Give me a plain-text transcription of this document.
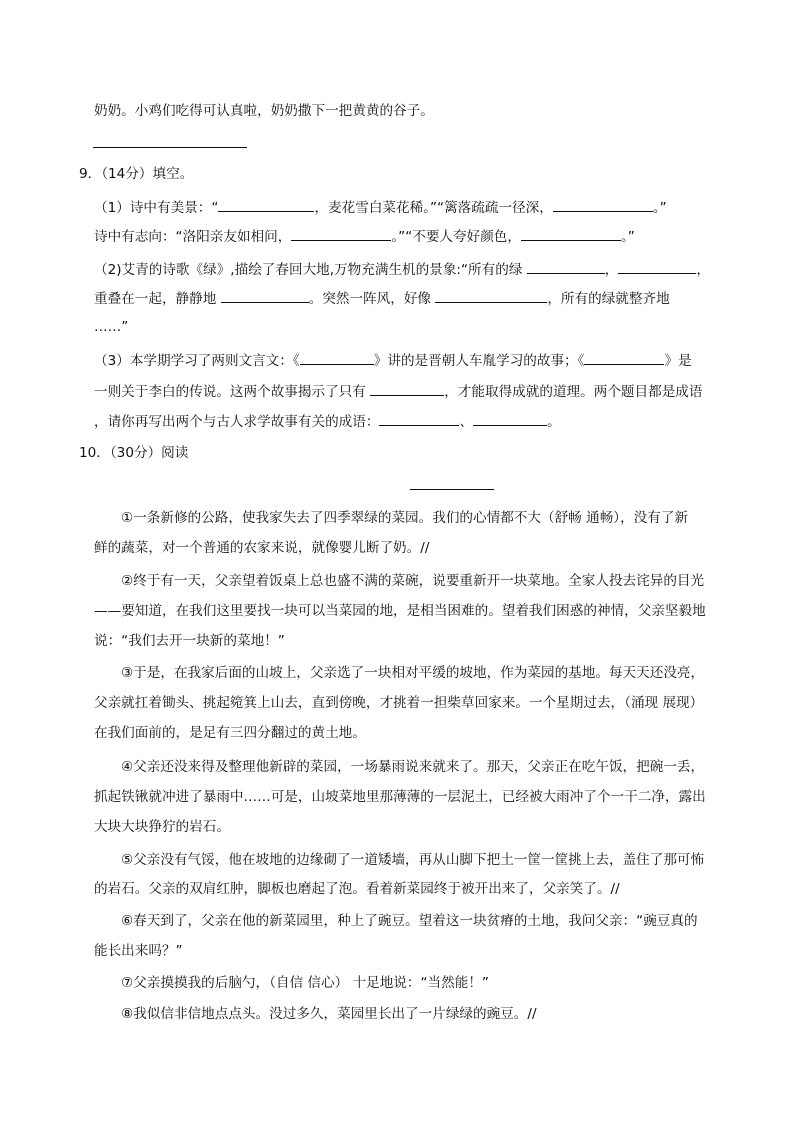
奶奶。小鸡们吃得可认真啦，奶奶撒下一把黄黄的谷子。
9．（14分）填空。
（1）诗中有美景：“	，麦花雪白菜花稀。”“篱落疏疏一径深，	。”
诗中有志向：“洛阳亲友如相问，	。”“不要人夸好颜色，	。”
（2)艾青的诗歌《绿》,描绘了春回大地,万物充满生机的景象:“所有的绿	，	，
重叠在一起，静静地	。突然一阵风，好像	，所有的绿就整齐地
……”
（3）本学期学习了两则文言文：《	》讲的是晋朝人车胤学习的故事；《	》是
一则关于李白的传说。这两个故事揭示了只有	，才能取得成就的道理。两个题目都是成语
，请你再写出两个与古人求学故事有关的成语：	、	。
10．（30分）阅读
①一条新修的公路，使我家失去了四季翠绿的菜园。我们的心情都不大（舒畅 通畅），没有了新
鲜的蔬菜，对一个普通的农家来说，就像婴儿断了奶。//
②终于有一天，父亲望着饭桌上总也盛不满的菜碗，说要重新开一块菜地。全家人投去诧异的目光
——要知道，在我们这里要找一块可以当菜园的地，是相当困难的。望着我们困惑的神情，父亲坚毅地
说：“我们去开一块新的菜地！”
③于是，在我家后面的山坡上，父亲选了一块相对平缓的坡地，作为菜园的基地。每天天还没亮，
父亲就扛着锄头、挑起箢箕上山去，直到傍晚，才挑着一担柴草回家来。一个星期过去，（涌现 展现）
在我们面前的，是足有三四分翻过的黄土地。
④父亲还没来得及整理他新辟的菜园，一场暴雨说来就来了。那天，父亲正在吃午饭，把碗一丢，
抓起铁锹就冲进了暴雨中……可是，山坡菜地里那薄薄的一层泥土，已经被大雨冲了个一干二净，露出
大块大块狰狞的岩石。
⑤父亲没有气馁，他在坡地的边缘砌了一道矮墙，再从山脚下把土一筐一筐挑上去，盖住了那可怖
的岩石。父亲的双肩红肿，脚板也磨起了泡。看着新菜园终于被开出来了，父亲笑了。//
⑥春天到了，父亲在他的新菜园里，种上了豌豆。望着这一块贫瘠的土地，我问父亲：“豌豆真的
能长出来吗？”
⑦父亲摸摸我的后脑勺，（自信 信心） 十足地说：“当然能！”
⑧我似信非信地点点头。没过多久，菜园里长出了一片绿绿的豌豆。//
